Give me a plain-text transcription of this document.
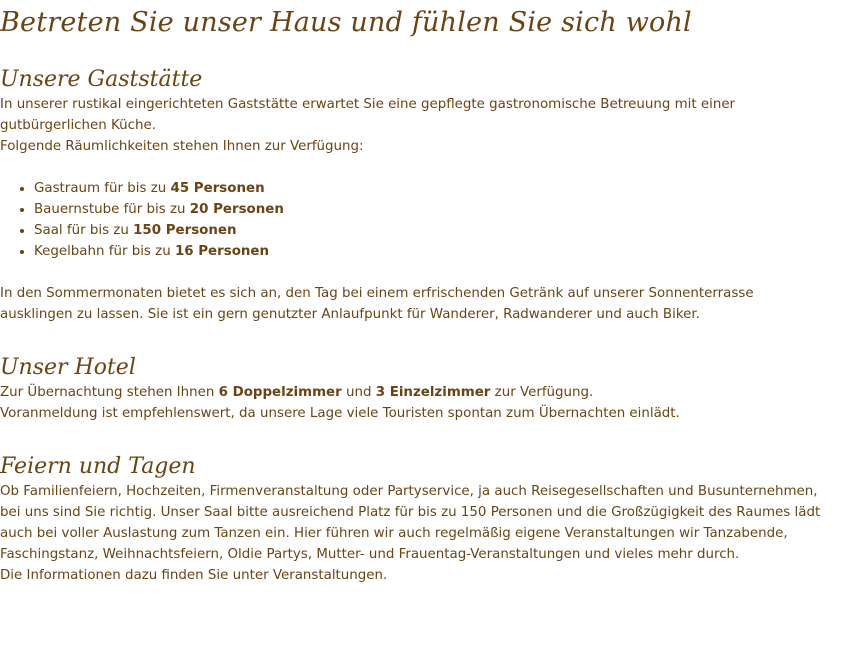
Betreten Sie unser Haus und fühlen Sie sich wohl
Unsere Gaststätte

In unserer rustikal eingerichteten Gaststätte erwartet Sie eine gepflegte gastronomische Betreuung mit einer gutbürgerlichen Küche.
Folgende Räumlichkeiten stehen Ihnen zur Verfügung:

• Gastraum für bis zu 45 Personen
• Bauernstube für bis zu 20 Personen
• Saal für bis zu 150 Personen
• Kegelbahn für bis zu 16 Personen

In den Sommermonaten bietet es sich an, den Tag bei einem erfrischenden Getränk auf unserer Sonnenterrasse ausklingen zu lassen. Sie ist ein gern genutzter Anlaufpunkt für Wanderer, Radwanderer und auch Biker.

Unser Hotel

Zur Übernachtung stehen Ihnen 6 Doppelzimmer und 3 Einzelzimmer zur Verfügung.

Voranmeldung ist empfehlenswert, da unsere Lage viele Touristen spontan zum Übernachten einlädt.

Feiern und Tagen

Ob Familienfeiern, Hochzeiten, Firmenveranstaltung oder Partyservice, ja auch Reisegesellschaften und Busunternehmen, bei uns sind Sie richtig. Unser Saal bitte ausreichend Platz für bis zu 150 Personen und die Großzügigkeit des Raumes lädt auch bei voller Auslastung zum Tanzen ein. Hier führen wir auch regelmäßig eigene Veranstaltungen wir Tanzabende, Faschingstanz, Weihnachtsfeiern, Oldie Partys, Mutter- und Frauentag-Veranstaltungen und vieles mehr durch.

Die Informationen dazu finden Sie unter Veranstaltungen.
